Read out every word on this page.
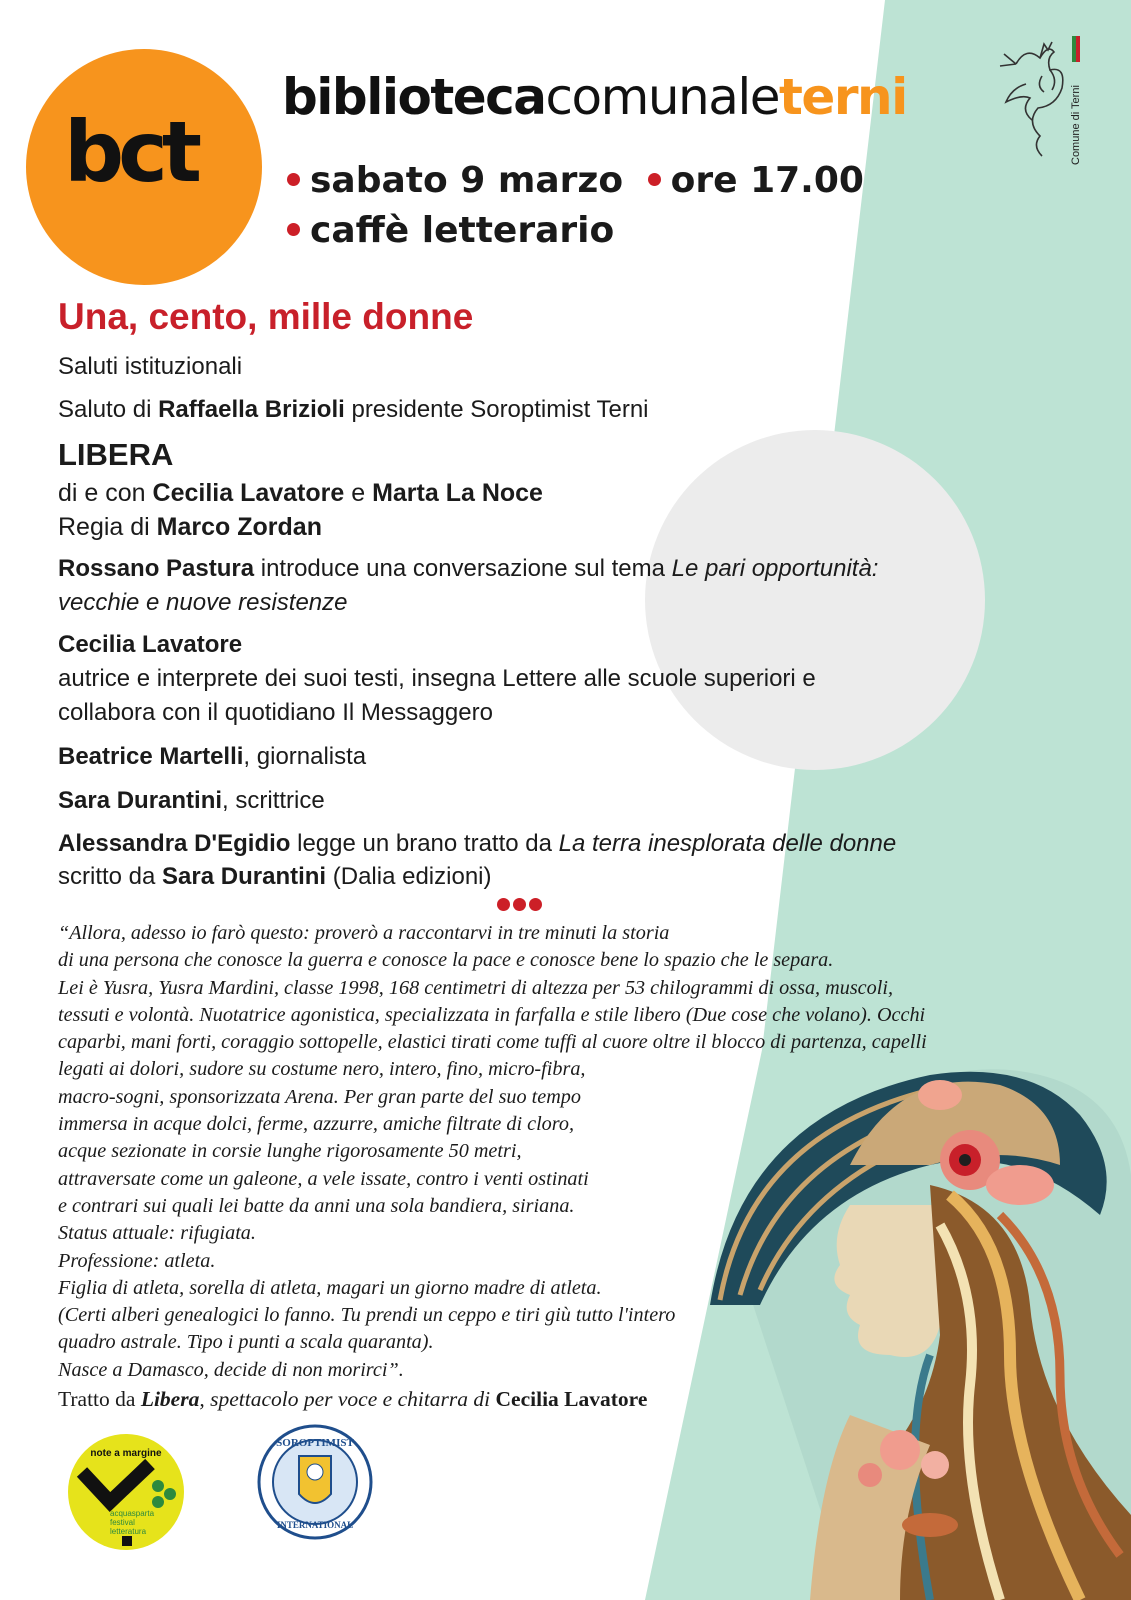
bct
bibliotecacomunaleterni
sabato 9 marzo ore 17.00
caffè letterario
Comune di Terni
Una, cento, mille donne
Saluti istituzionali
Saluto di Raffaella Brizioli presidente Soroptimist Terni
LIBERA
di e con Cecilia Lavatore e Marta La Noce
Regia di Marco Zordan
Rossano Pastura introduce una conversazione sul tema Le pari opportunità:
vecchie e nuove resistenze
Cecilia Lavatore
autrice e interprete dei suoi testi, insegna Lettere alle scuole superiori e
collabora con il quotidiano Il Messaggero
Beatrice Martelli, giornalista
Sara Durantini, scrittrice
Alessandra D'Egidio legge un brano tratto da La terra inesplorata delle donne
scritto da Sara Durantini (Dalia edizioni)
“Allora, adesso io farò questo: proverò a raccontarvi in tre minuti la storia
di una persona che conosce la guerra e conosce la pace e conosce bene lo spazio che le separa.
Lei è Yusra, Yusra Mardini, classe 1998, 168 centimetri di altezza per 53 chilogrammi di ossa, muscoli,
tessuti e volontà. Nuotatrice agonistica, specializzata in farfalla e stile libero (Due cose che volano). Occhi
caparbi, mani forti, coraggio sottopelle, elastici tirati come tuffi al cuore oltre il blocco di partenza, capelli
legati ai dolori, sudore su costume nero, intero, fino, micro-fibra,
macro-sogni, sponsorizzata Arena. Per gran parte del suo tempo
immersa in acque dolci, ferme, azzurre, amiche filtrate di cloro,
acque sezionate in corsie lunghe rigorosamente 50 metri,
attraversate come un galeone, a vele issate, contro i venti ostinati
e contrari sui quali lei batte da anni una sola bandiera, siriana.
Status attuale: rifugiata.
Professione: atleta.
Figlia di atleta, sorella di atleta, magari un giorno madre di atleta.
(Certi alberi genealogici lo fanno. Tu prendi un ceppo e tiri giù tutto l'intero
quadro astrale. Tipo i punti a scala quaranta).
Nasce a Damasco, decide di non morirci”.
Tratto da Libera, spettacolo per voce e chitarra di Cecilia Lavatore
note a margine
acquasparta
festival
letteratura
SOROPTIMIST
INTERNATIONAL
